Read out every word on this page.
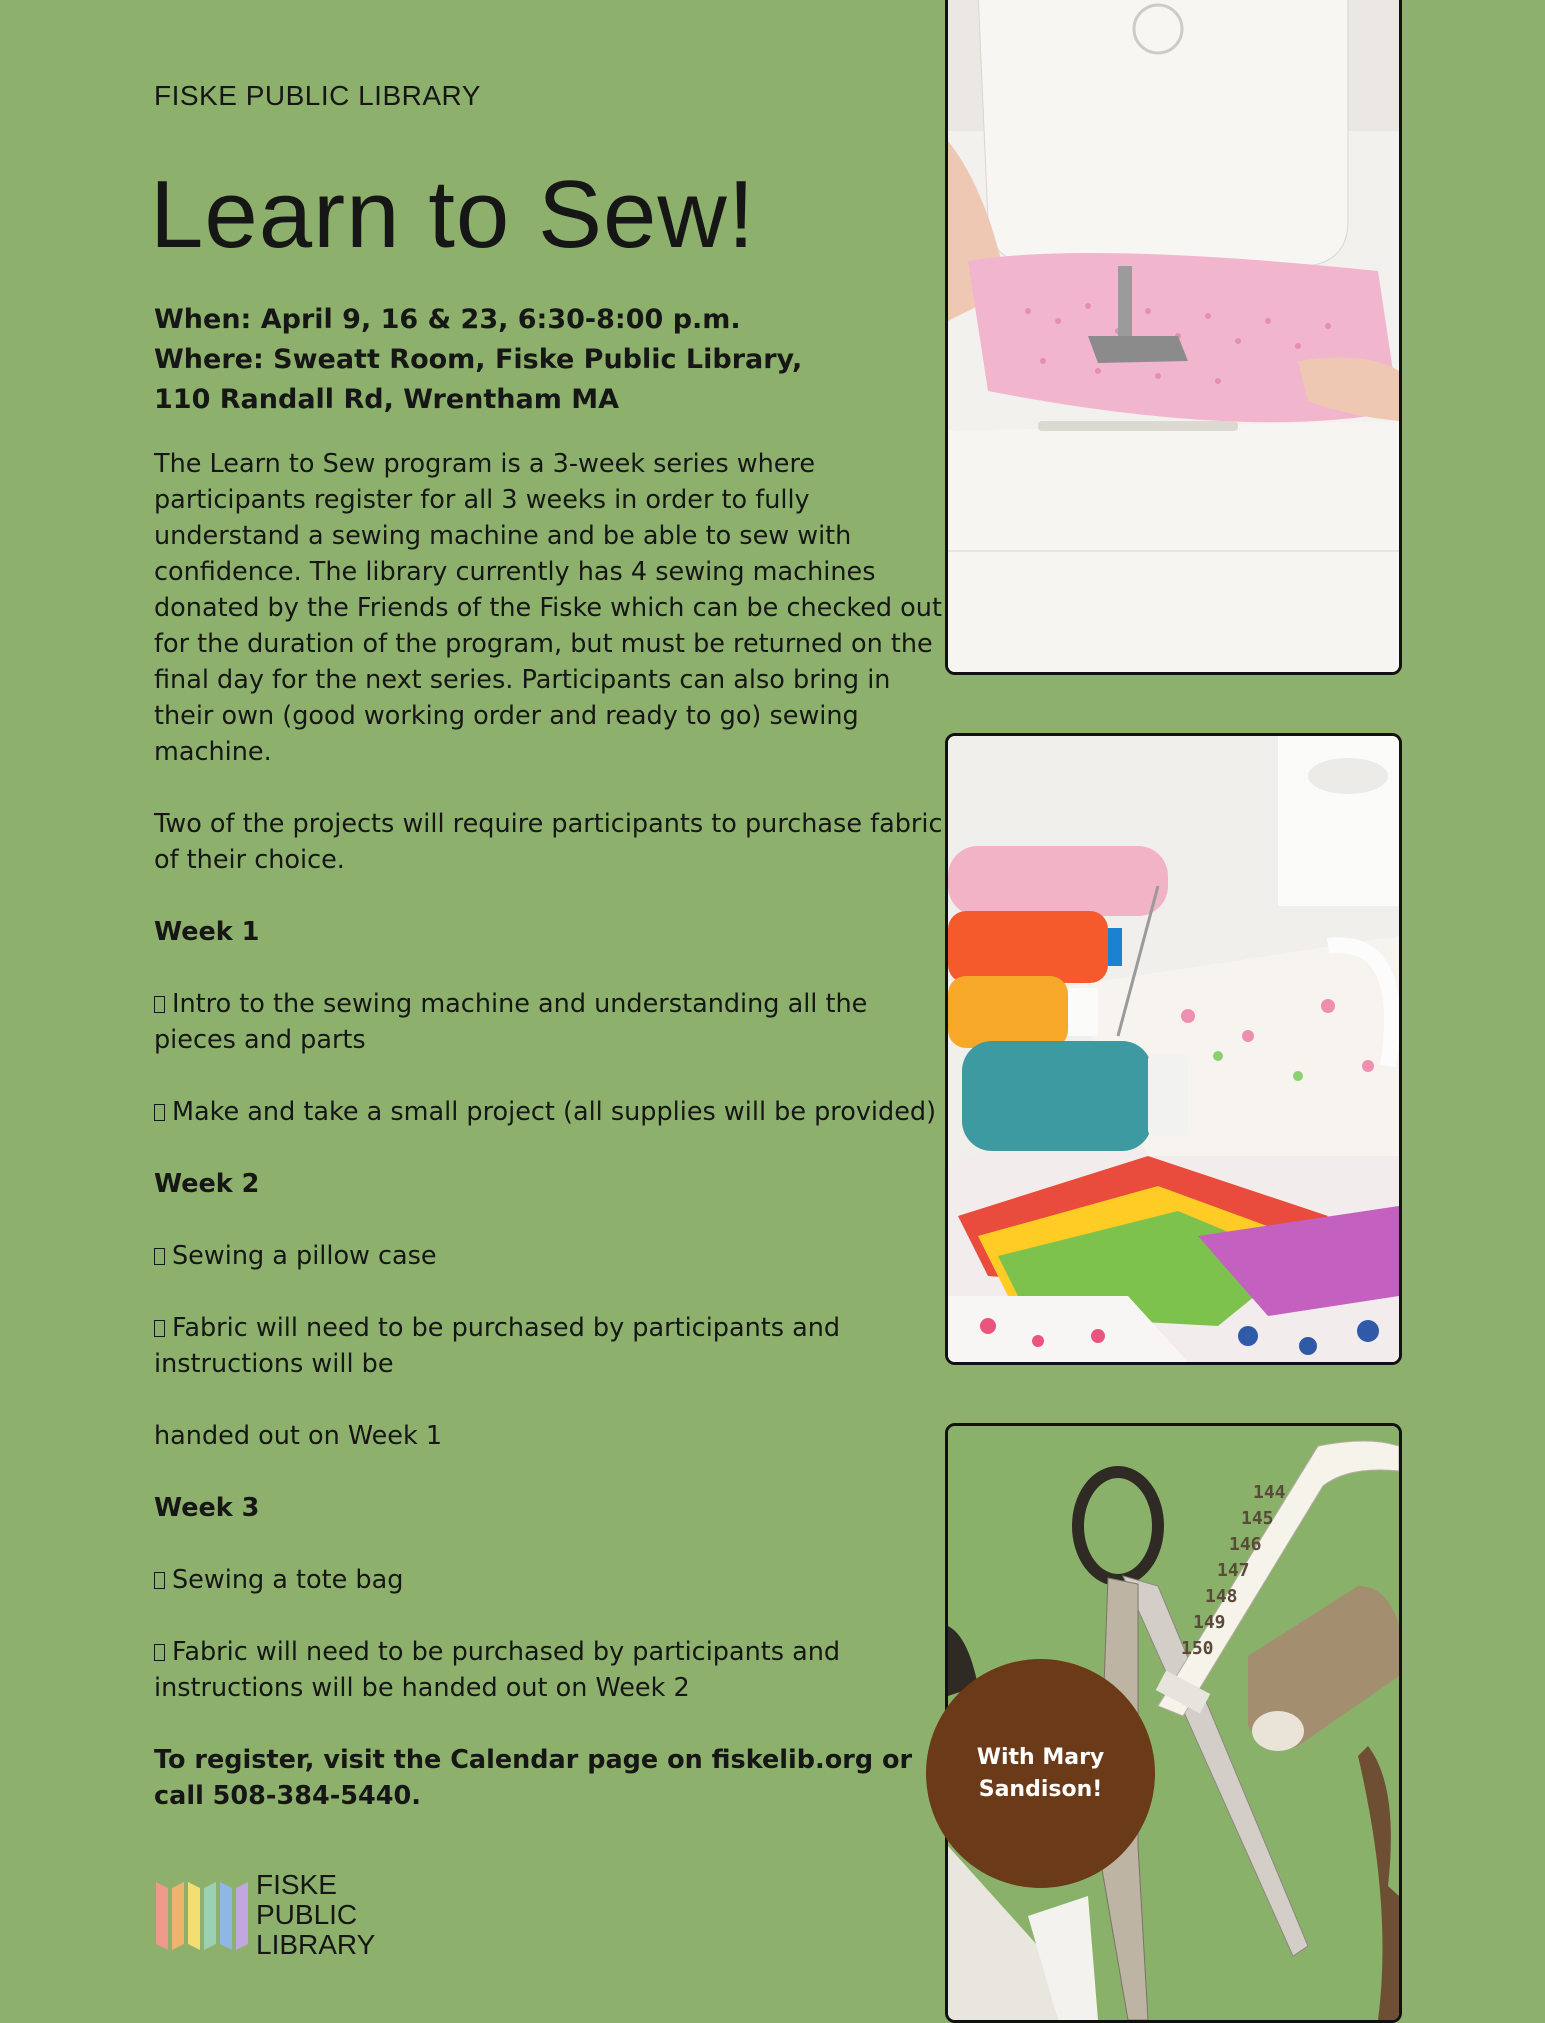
FISKE PUBLIC LIBRARY
Learn to Sew!
When: April 9, 16 & 23, 6:30-8:00 p.m.
Where: Sweatt Room, Fiske Public Library,
110 Randall Rd, Wrentham MA

The Learn to Sew program is a 3-week series where participants register for all 3 weeks in order to fully understand a sewing machine and be able to sew with confidence. The library currently has 4 sewing machines donated by the Friends of the Fiske which can be checked out for the duration of the program, but must be returned on the final day for the next series. Participants can also bring in their own (good working order and ready to go) sewing machine.

Two of the projects will require participants to purchase fabric of their choice.

Week 1

Intro to the sewing machine and understanding all the pieces and parts

Make and take a small project (all supplies will be provided)

Week 2

Sewing a pillow case

Fabric will need to be purchased by participants and instructions will be

handed out on Week 1

Week 3

Sewing a tote bag

Fabric will need to be purchased by participants and instructions will be handed out on Week 2

To register, visit the Calendar page on fiskelib.org or call 508-384-5440.

FISKE
PUBLIC
LIBRARY
144
145
146
147
148
149
150
With Mary
Sandison!
